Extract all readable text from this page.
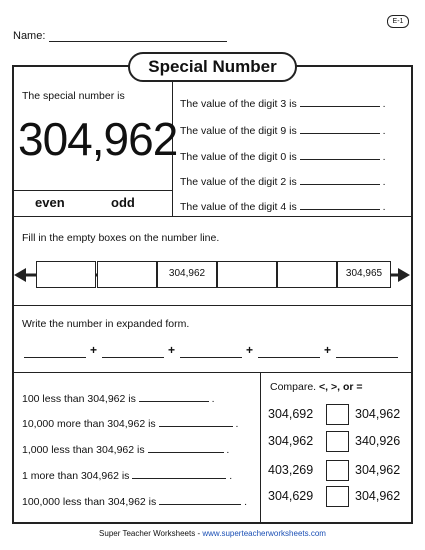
E-1
Name:
Special Number
The special number is
304,962
even	odd
The value of the digit 3 is	.
The value of the digit 9 is	.
The value of the digit 0 is	.
The value of the digit 2 is	.
The value of the digit 4 is	.
Fill in the empty boxes on the number line.
304,962	304,965
Write the number in expanded form.
+	+	+	+
100 less than 304,962 is	.
10,000 more than 304,962 is	.
1,000 less than 304,962 is	.
1 more than 304,962 is	.
100,000 less than 304,962 is	.
Compare. <, >, or =
304,692	304,962
304,962	340,926
403,269	304,962
304,629	304,962
Super Teacher Worksheets - www.superteacherworksheets.com
